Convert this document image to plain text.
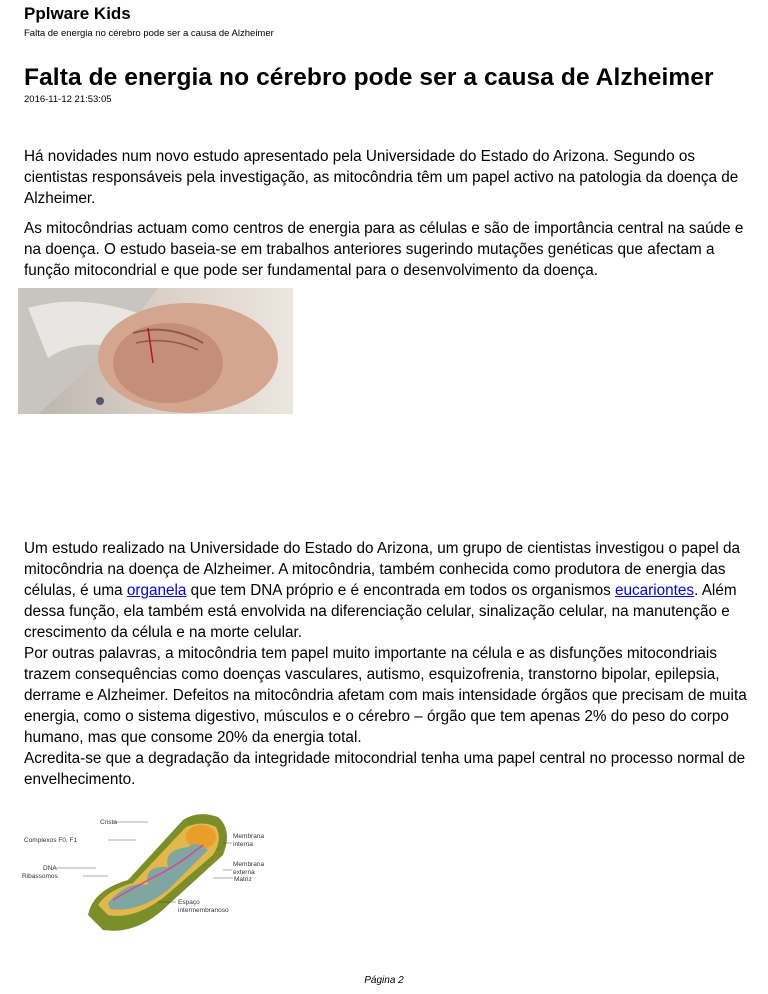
Pplware Kids
Falta de energia no cérebro pode ser a causa de Alzheimer
Falta de energia no cérebro pode ser a causa de Alzheimer
2016-11-12 21:53:05

Há novidades num novo estudo apresentado pela Universidade do Estado do Arizona. Segundo os cientistas responsáveis pela investigação, as mitocôndria têm um papel activo na patologia da doença de Alzheimer.

As mitocôndrias actuam como centros de energia para as células e são de importância central na saúde e na doença. O estudo baseia-se em trabalhos anteriores sugerindo mutações genéticas que afectam a função mitocondrial e que pode ser fundamental para o desenvolvimento da doença.

Um estudo realizado na Universidade do Estado do Arizona, um grupo de cientistas investigou o papel da mitocôndria na doença de Alzheimer. A mitocôndria, também conhecida como produtora de energia das células, é uma organela que tem DNA próprio e é encontrada em todos os organismos eucariontes. Além dessa função, ela também está envolvida na diferenciação celular, sinalização celular, na manutenção e crescimento da célula e na morte celular.

Por outras palavras, a mitocôndria tem papel muito importante na célula e as disfunções mitocondriais trazem consequências como doenças vasculares, autismo, esquizofrenia, transtorno bipolar, epilepsia, derrame e Alzheimer. Defeitos na mitocôndria afetam com mais intensidade órgãos que precisam de muita energia, como o sistema digestivo, músculos e o cérebro – órgão que tem apenas 2% do peso do corpo humano, mas que consome 20% da energia total.

Acredita-se que a degradação da integridade mitocondrial tenha uma papel central no processo normal de envelhecimento.

Crista
Complexos F0, F1
DNA
Ribassomos
Membrana
interna
Membrana
externa
Matriz
Espaço
intermembranoso
Página 2
